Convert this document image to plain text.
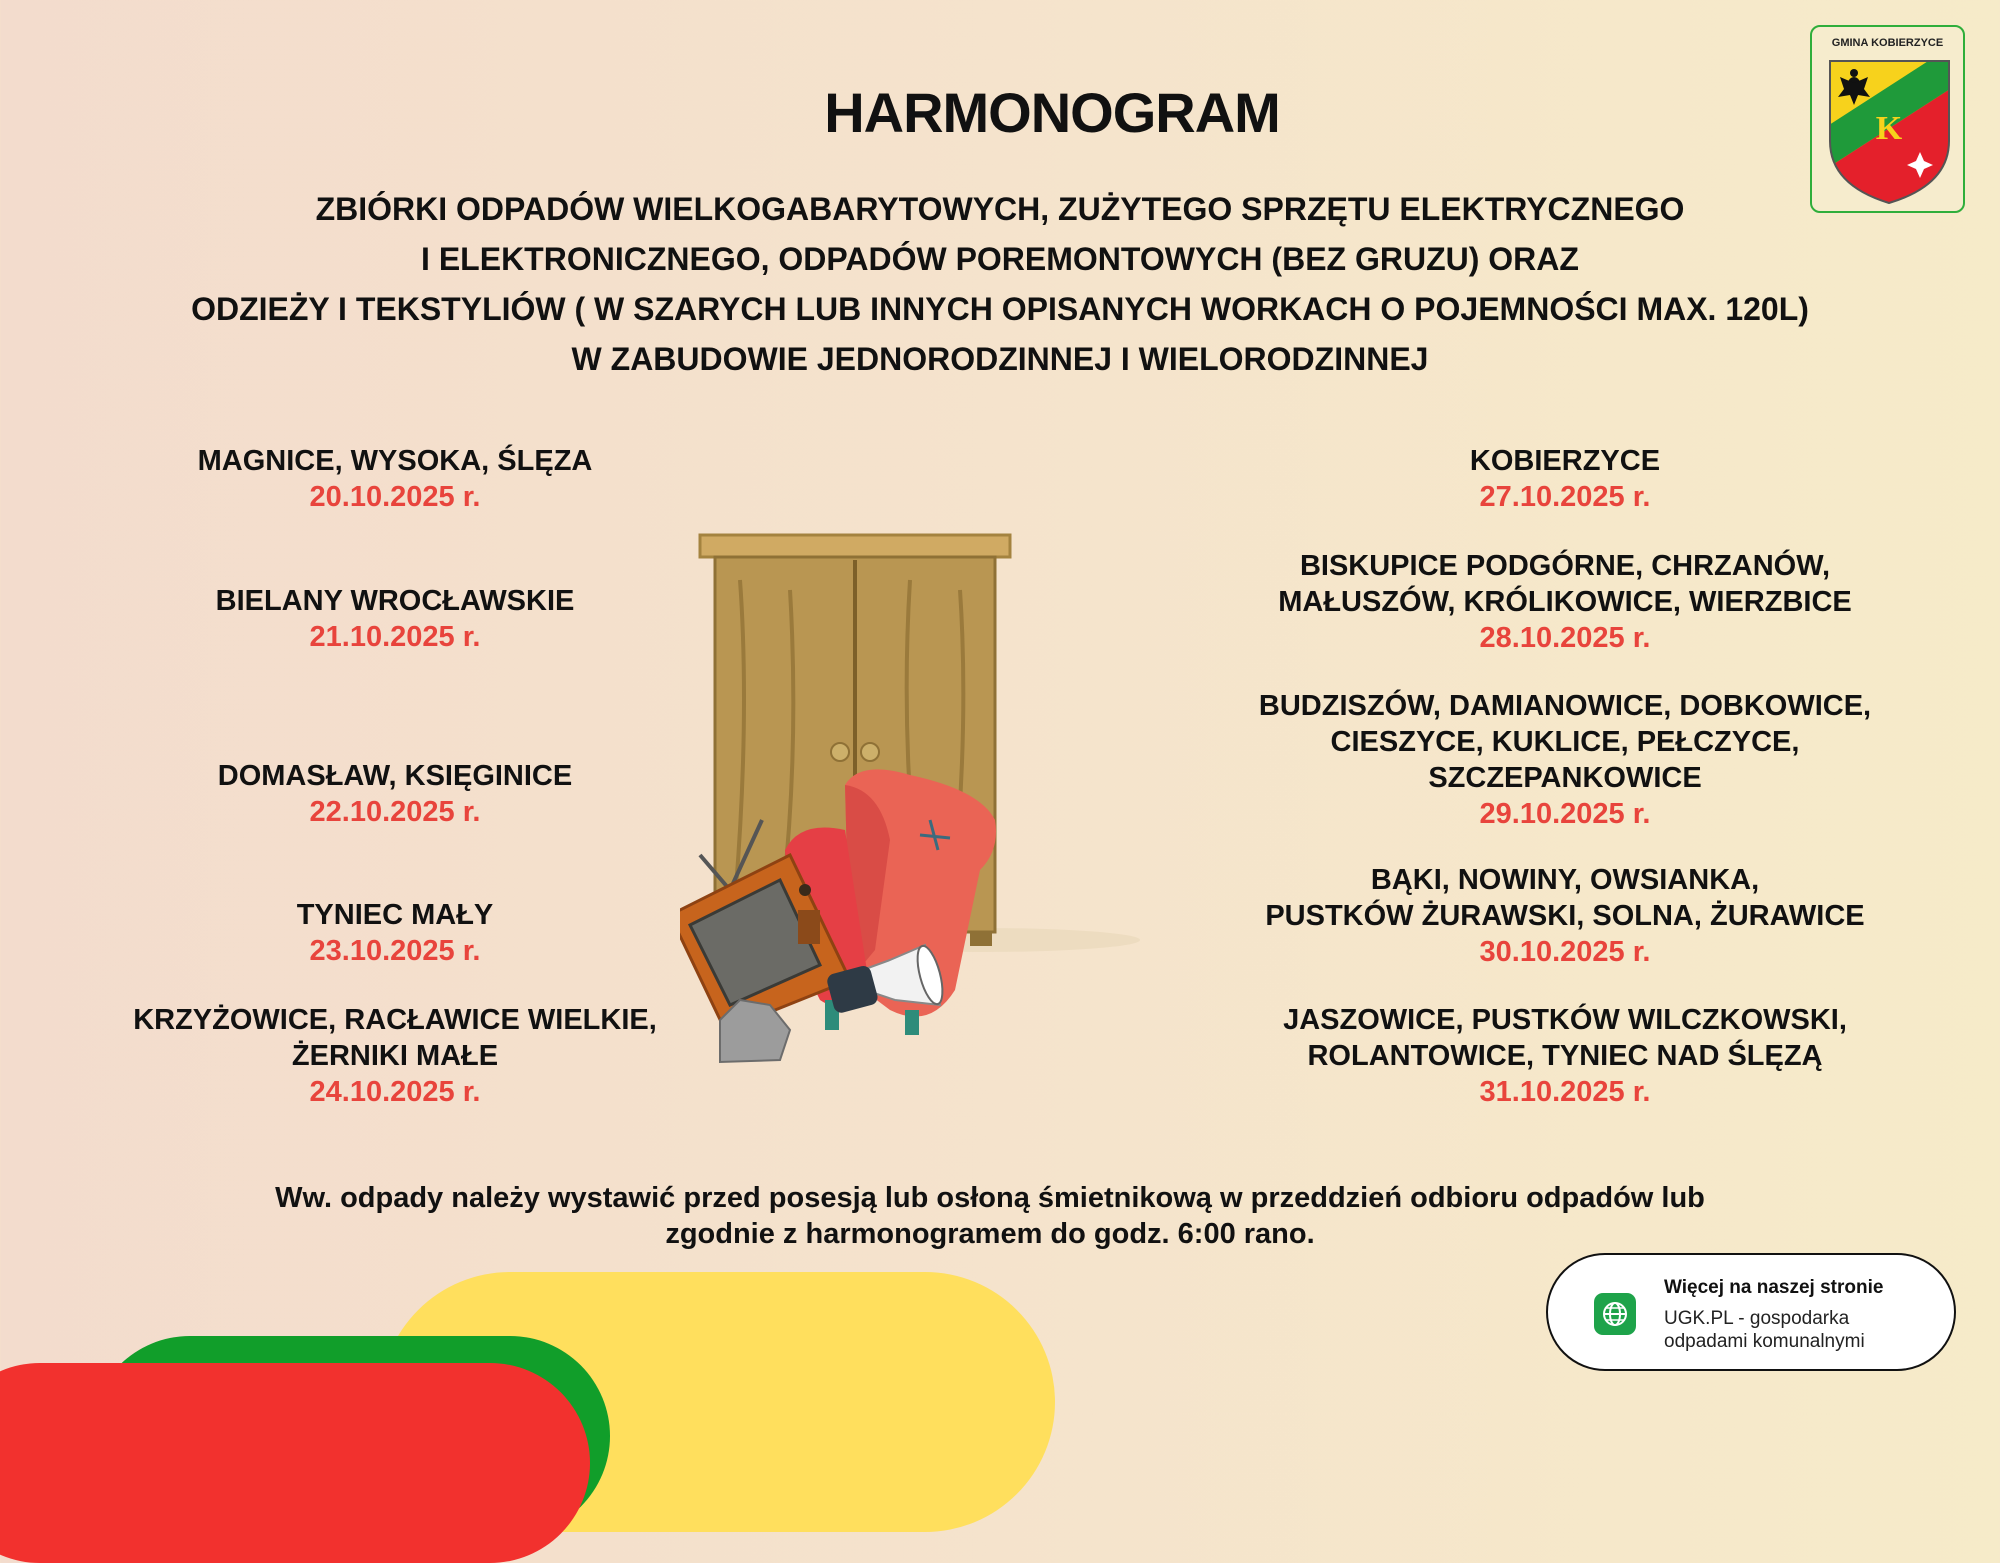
HARMONOGRAM
ZBIÓRKI ODPADÓW WIELKOGABARYTOWYCH, ZUŻYTEGO SPRZĘTU ELEKTRYCZNEGO
I ELEKTRONICZNEGO, ODPADÓW POREMONTOWYCH (BEZ GRUZU) ORAZ
ODZIEŻY I TEKSTYLIÓW ( W SZARYCH LUB INNYCH OPISANYCH WORKACH O POJEMNOŚCI MAX. 120L)
W ZABUDOWIE JEDNORODZINNEJ I WIELORODZINNEJ
GMINA KOBIERZYCE
K
MAGNICE, WYSOKA, ŚLĘZA
20.10.2025 r.
BIELANY WROCŁAWSKIE
21.10.2025 r.
DOMASŁAW, KSIĘGINICE
22.10.2025 r.
TYNIEC MAŁY
23.10.2025 r.
KRZYŻOWICE, RACŁAWICE WIELKIE,
ŻERNIKI MAŁE
24.10.2025 r.
KOBIERZYCE
27.10.2025 r.
BISKUPICE PODGÓRNE, CHRZANÓW,
MAŁUSZÓW, KRÓLIKOWICE, WIERZBICE
28.10.2025 r.
BUDZISZÓW, DAMIANOWICE, DOBKOWICE,
CIESZYCE, KUKLICE, PEŁCZYCE,
SZCZEPANKOWICE
29.10.2025 r.
BĄKI, NOWINY, OWSIANKA,
PUSTKÓW ŻURAWSKI, SOLNA, ŻURAWICE
30.10.2025 r.
JASZOWICE, PUSTKÓW WILCZKOWSKI,
ROLANTOWICE, TYNIEC NAD ŚLĘZĄ
31.10.2025 r.
Ww. odpady należy wystawić przed posesją lub osłoną śmietnikową w przeddzień odbioru odpadów lub
zgodnie z harmonogramem do godz. 6:00 rano.
Więcej na naszej stronie
UGK.PL - gospodarka odpadami komunalnymi
